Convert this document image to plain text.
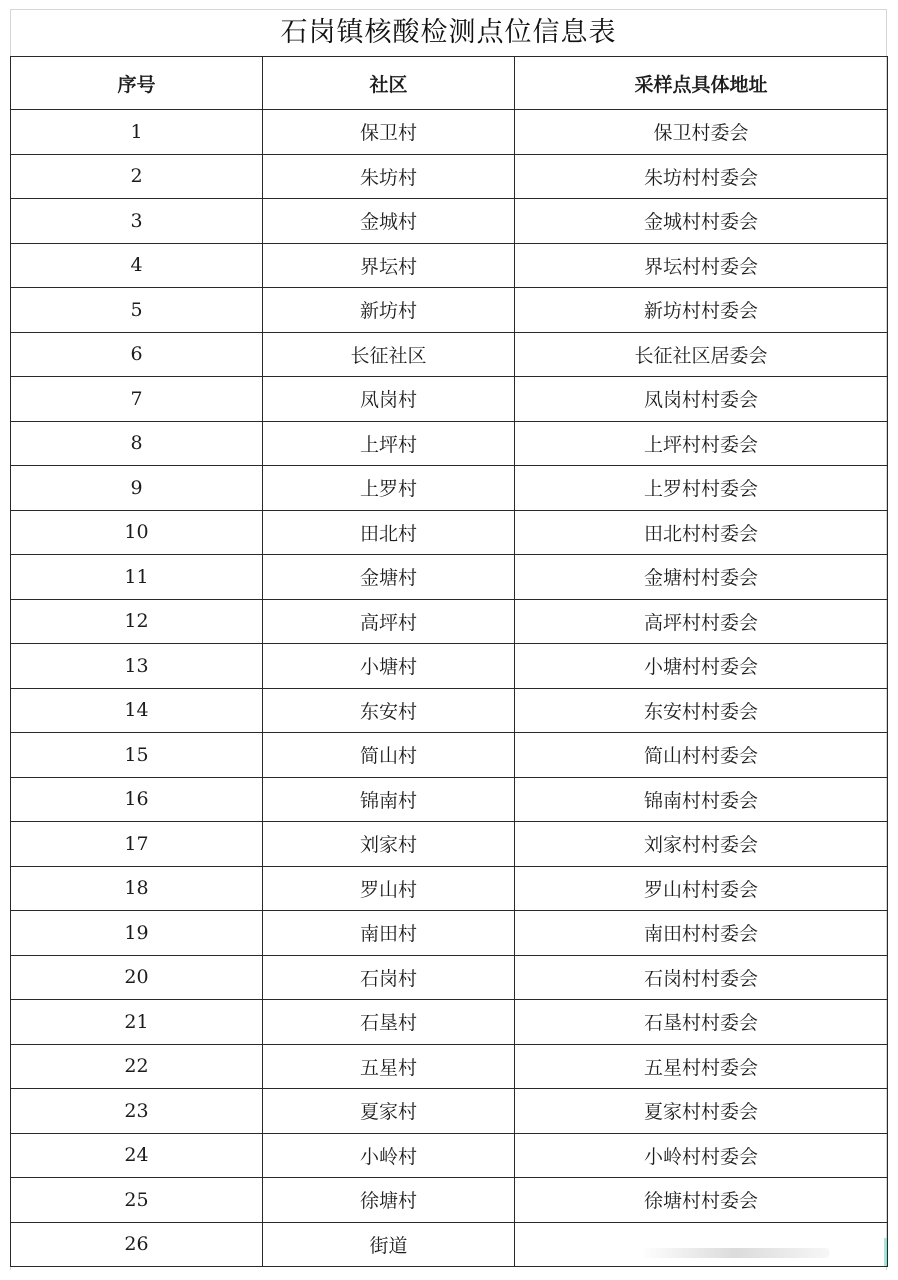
石岗镇核酸检测点位信息表
序号	社区	采样点具体地址
1	保卫村	保卫村委会
2	朱坊村	朱坊村村委会
3	金城村	金城村村委会
4	界坛村	界坛村村委会
5	新坊村	新坊村村委会
6	长征社区	长征社区居委会
7	凤岗村	凤岗村村委会
8	上坪村	上坪村村委会
9	上罗村	上罗村村委会
10	田北村	田北村村委会
11	金塘村	金塘村村委会
12	高坪村	高坪村村委会
13	小塘村	小塘村村委会
14	东安村	东安村村委会
15	简山村	简山村村委会
16	锦南村	锦南村村委会
17	刘家村	刘家村村委会
18	罗山村	罗山村村委会
19	南田村	南田村村委会
20	石岗村	石岗村村委会
21	石垦村	石垦村村委会
22	五星村	五星村村委会
23	夏家村	夏家村村委会
24	小岭村	小岭村村委会
25	徐塘村	徐塘村村委会
26	街道	
